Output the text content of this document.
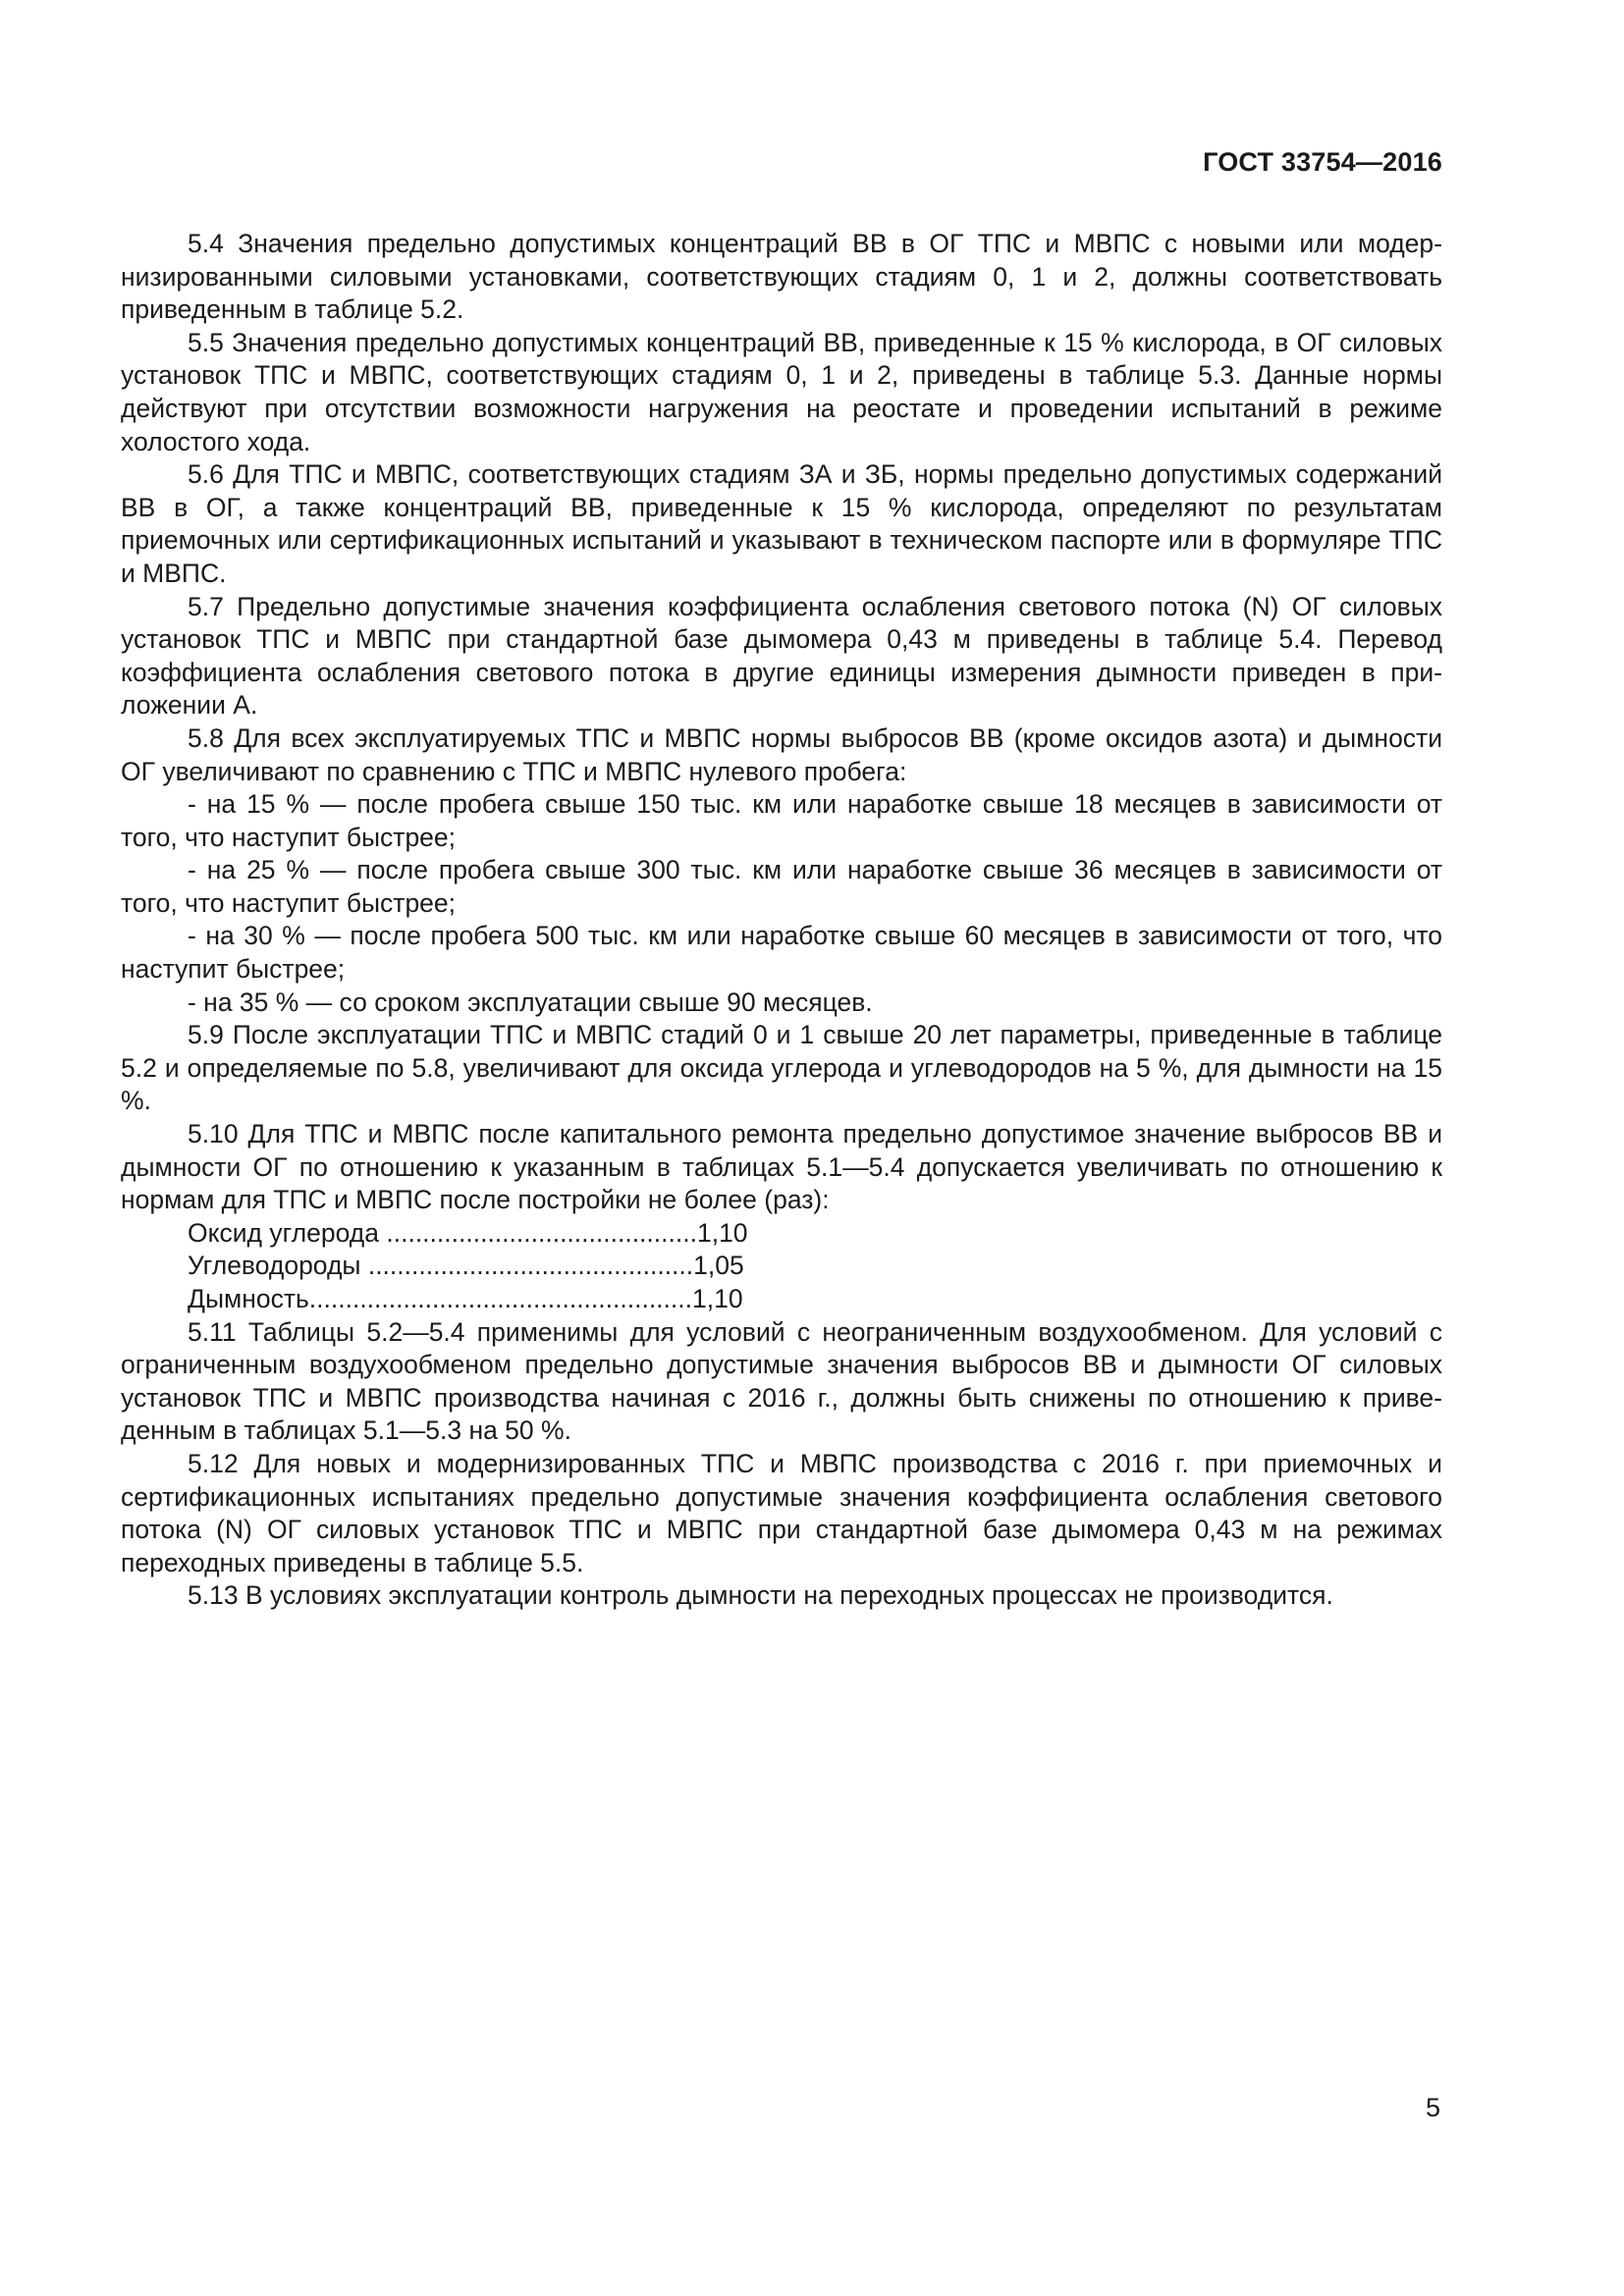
ГОСТ 33754—2016

5.4 Значения предельно допустимых концентраций ВВ в ОГ ТПС и МВПС с новыми или модернизированными силовыми установками, соответствующих стадиям 0, 1 и 2, должны соответствовать приведенным в таблице 5.2.

5.5 Значения предельно допустимых концентраций ВВ, приведенные к 15 % кислорода, в ОГ силовых установок ТПС и МВПС, соответствующих стадиям 0, 1 и 2, приведены в таблице 5.3. Данные нормы действуют при отсутствии возможности нагружения на реостате и проведении испытаний в режиме холостого хода.

5.6 Для ТПС и МВПС, соответствующих стадиям ЗА и ЗБ, нормы предельно допустимых содержаний ВВ в ОГ, а также концентраций ВВ, приведенные к 15 % кислорода, определяют по результатам приемочных или сертификационных испытаний и указывают в техническом паспорте или в формуляре ТПС и МВПС.

5.7 Предельно допустимые значения коэффициента ослабления светового потока (N) ОГ силовых установок ТПС и МВПС при стандартной базе дымомера 0,43 м приведены в таблице 5.4. Перевод коэффициента ослабления светового потока в другие единицы измерения дымности приведен в приложении А.

5.8 Для всех эксплуатируемых ТПС и МВПС нормы выбросов ВВ (кроме оксидов азота) и дымности ОГ увеличивают по сравнению с ТПС и МВПС нулевого пробега:

- на 15 % — после пробега свыше 150 тыс. км или наработке свыше 18 месяцев в зависимости от того, что наступит быстрее;

- на 25 % — после пробега свыше 300 тыс. км или наработке свыше 36 месяцев в зависимости от того, что наступит быстрее;

- на 30 % — после пробега 500 тыс. км или наработке свыше 60 месяцев в зависимости от того, что наступит быстрее;

- на 35 % — со сроком эксплуатации свыше 90 месяцев.

5.9 После эксплуатации ТПС и МВПС стадий 0 и 1 свыше 20 лет параметры, приведенные в таблице 5.2 и определяемые по 5.8, увеличивают для оксида углерода и углеводородов на 5 %, для дымности на 15 %.

5.10 Для ТПС и МВПС после капитального ремонта предельно допустимое значение выбросов ВВ и дымности ОГ по отношению к указанным в таблицах 5.1—5.4 допускается увеличивать по отношению к нормам для ТПС и МВПС после постройки не более (раз):

Оксид углерода ...........................................1,10

Углеводороды .............................................1,05

Дымность.....................................................1,10

5.11 Таблицы 5.2—5.4 применимы для условий с неограниченным воздухообменом. Для условий с ограниченным воздухообменом предельно допустимые значения выбросов ВВ и дымности ОГ силовых установок ТПС и МВПС производства начиная с 2016 г., должны быть снижены по отношению к приведенным в таблицах 5.1—5.3 на 50 %.

5.12 Для новых и модернизированных ТПС и МВПС производства с 2016 г. при приемочных и сертификационных испытаниях предельно допустимые значения коэффициента ослабления светового потока (N) ОГ силовых установок ТПС и МВПС при стандартной базе дымомера 0,43 м на режимах переходных приведены в таблице 5.5.

5.13 В условиях эксплуатации контроль дымности на переходных процессах не производится.

5
